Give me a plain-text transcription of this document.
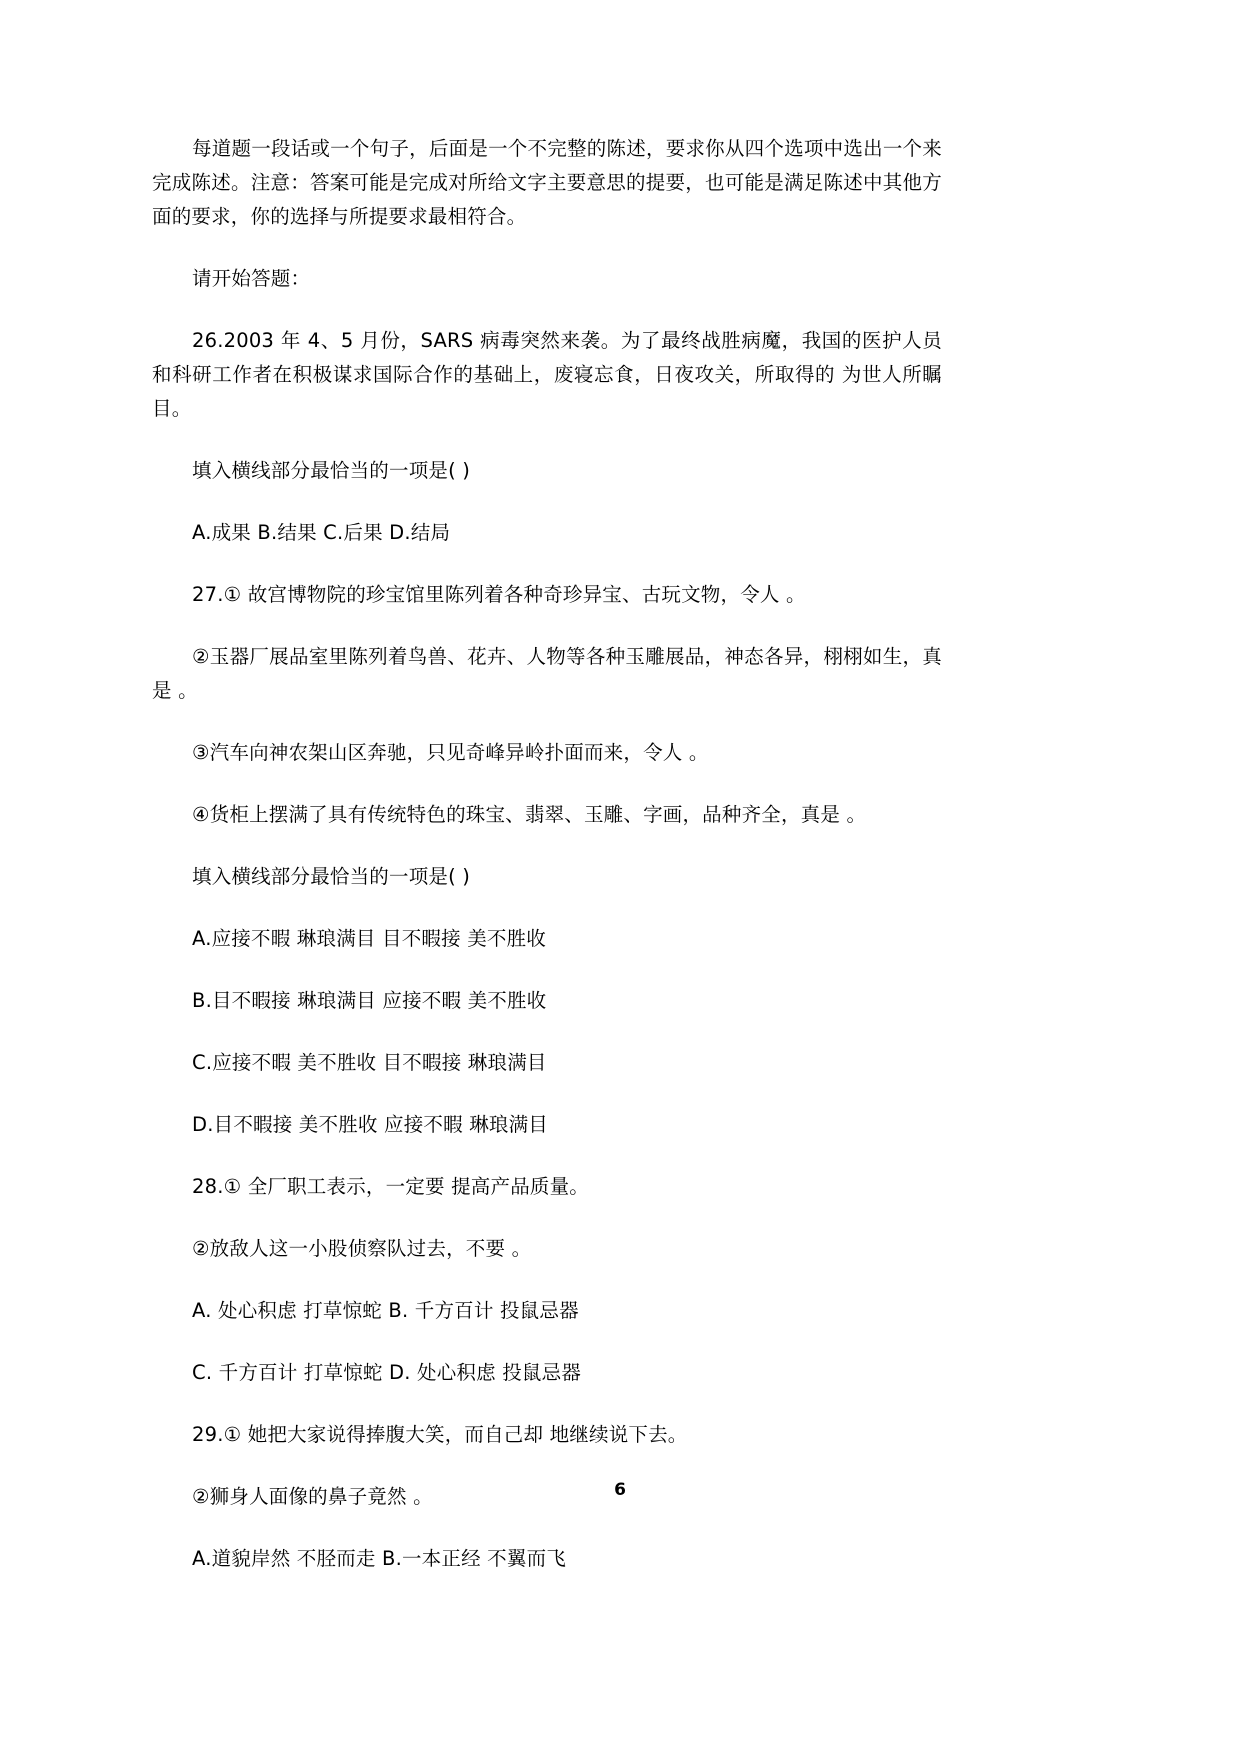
每道题一段话或一个句子，后面是一个不完整的陈述，要求你从四个选项中选出一个来完成陈述。注意：答案可能是完成对所给文字主要意思的提要，也可能是满足陈述中其他方面的要求，你的选择与所提要求最相符合。

请开始答题：

26.2003 年 4、5 月份，SARS 病毒突然来袭。为了最终战胜病魔，我国的医护人员和科研工作者在积极谋求国际合作的基础上，废寝忘食，日夜攻关，所取得的 为世人所瞩目。

填入横线部分最恰当的一项是( )

A.成果 B.结果 C.后果 D.结局

27.① 故宫博物院的珍宝馆里陈列着各种奇珍异宝、古玩文物，令人 。

②玉器厂展品室里陈列着鸟兽、花卉、人物等各种玉雕展品，神态各异，栩栩如生，真是 。

③汽车向神农架山区奔驰，只见奇峰异岭扑面而来，令人 。

④货柜上摆满了具有传统特色的珠宝、翡翠、玉雕、字画，品种齐全，真是 。

填入横线部分最恰当的一项是( )

A.应接不暇 琳琅满目 目不暇接 美不胜收

B.目不暇接 琳琅满目 应接不暇 美不胜收

C.应接不暇 美不胜收 目不暇接 琳琅满目

D.目不暇接 美不胜收 应接不暇 琳琅满目

28.① 全厂职工表示，一定要 提高产品质量。

②放敌人这一小股侦察队过去，不要 。

A. 处心积虑 打草惊蛇 B. 千方百计 投鼠忌器

C. 千方百计 打草惊蛇 D. 处心积虑 投鼠忌器

29.① 她把大家说得捧腹大笑，而自己却 地继续说下去。

②狮身人面像的鼻子竟然 。

A.道貌岸然 不胫而走 B.一本正经 不翼而飞

6
